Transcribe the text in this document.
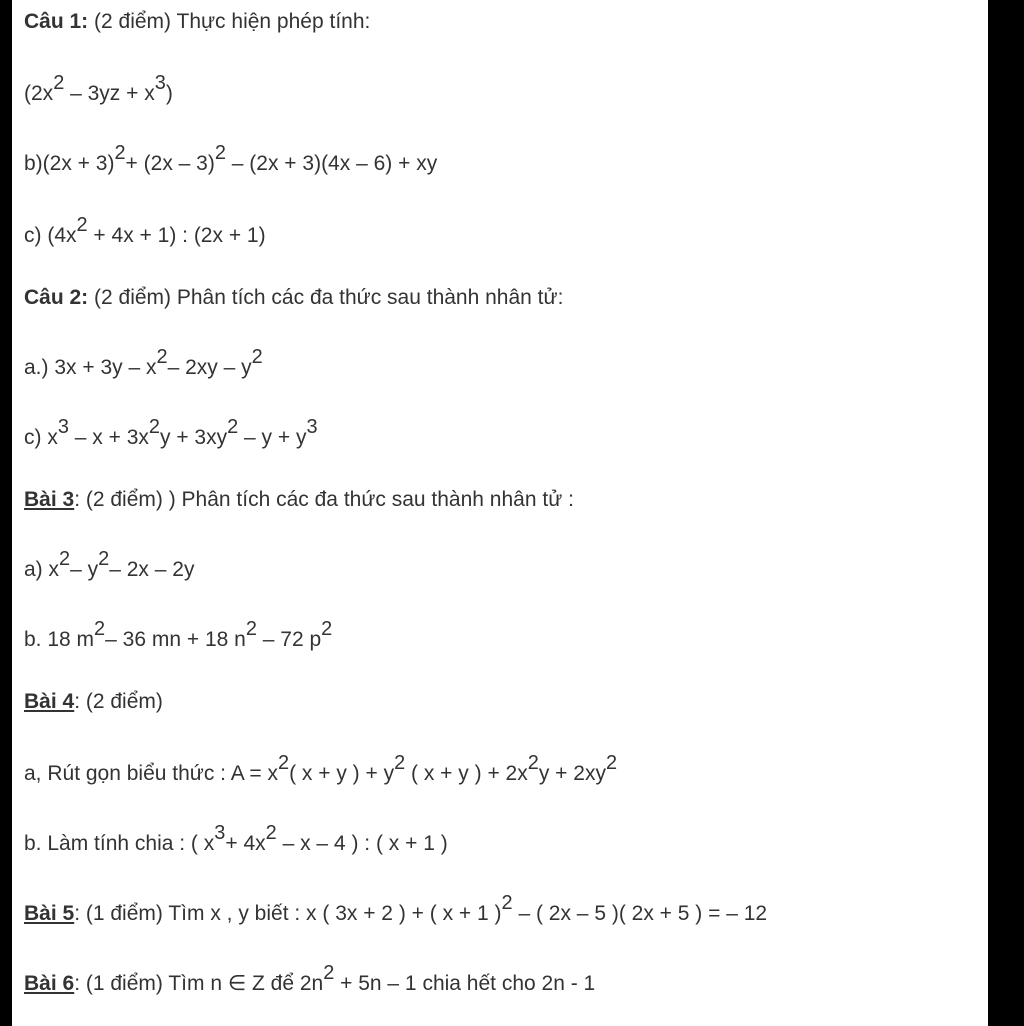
Câu 1: (2 điểm) Thực hiện phép tính:
$(2x^2 - 3yz + x^3)$
$b)(2x + 3)^2+ (2x - 3)^2 - (2x + 3)(4x - 6)$ + xy
c) $(4x^2 + 4x + 1)$ : (2x + 1)
Câu 2: (2 điểm) Phân tích các đa thức sau thành nhân tử:
a.) $3x + 3y - x^2-$ $2xy - y^2$
c) $x^3 - x + 3x^2y + 3xy^2 - y + y^3$
Bài 3: (2 điểm) ) Phân tích các đa thức sau thành nhân tử :
a) $x^2-$ $y^2-$ 2x – 2y
b. 18 $m^2-$ 36 mn + 18 $n^2 - 72$ $p^2$
Bài 4: (2 điểm)
a, Rút gọn biểu thức : $A = x^2$( x + y ) + $y^2$ ( x + y ) + $2x^2y + 2xy^2$
b. Làm tính chia : ( $x^3+ 4x^2 - x - 4$ ) : ( x + 1 )
Bài 5: (1 điểm) Tìm x , y biết : x ( 3x + 2 ) + ( x + 1 )$^2$ – ( 2x – 5 )( 2x + 5 ) = – 12
Bài 6: (1 điểm) Tìm n ∈ Z để $2n^2 + 5n - 1$ chia hết cho 2n - 1
